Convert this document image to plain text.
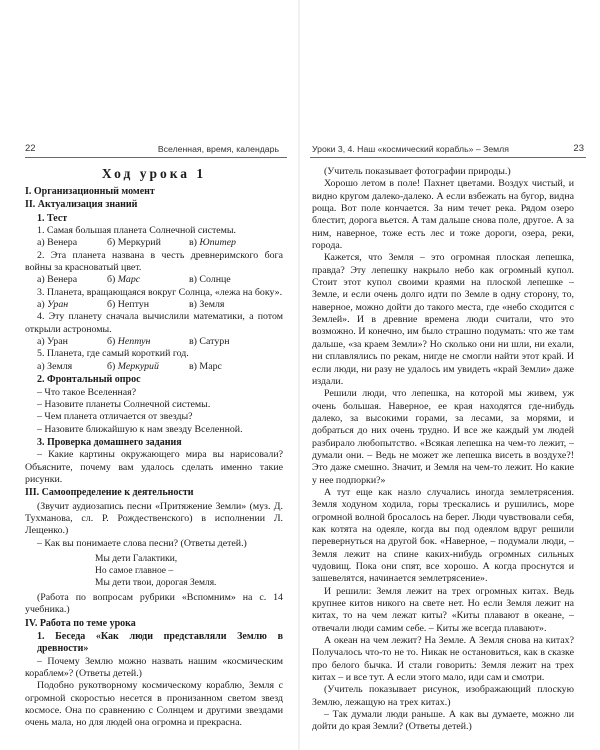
22	Вселенная, время, календарь
Ход урока 1
I. Организационный момент
II. Актуализация знаний
1. Тест

1. Самая большая планета Солнечной системы.

а) Венера	б) Меркурий	в) Юпитер

2. Эта планета названа в честь древнеримского бога войны за красноватый цвет.

а) Венера	б) Марс	в) Солнце

3. Планета, вращающаяся вокруг Солнца, «лежа на боку».

а) Уран	б) Нептун	в) Земля

4. Эту планету сначала вычислили математики, а потом открыли астрономы.

а) Уран	б) Нептун	в) Сатурн

5. Планета, где самый короткий год.

а) Земля	б) Меркурий	в) Марс
2. Фронтальный опрос

– Что такое Вселенная?

– Назовите планеты Солнечной системы.

– Чем планета отличается от звезды?

– Назовите ближайшую к нам звезду Вселенной.

3. Проверка домашнего задания

– Какие картины окружающего мира вы нарисовали? Объясните, почему вам удалось сделать именно такие рисунки.

III. Самоопределение к деятельности

(Звучит аудиозапись песни «Притяжение Земли» (муз. Д. Тухманова, сл. Р. Рождественского) в исполнении Л. Лещенко.)

– Как вы понимаете слова песни? (Ответы детей.)

Мы дети Галактики,
Но самое главное –
Мы дети твои, дорогая Земля.

(Работа по вопросам рубрики «Вспомним» на с. 14 учебника.)

IV. Работа по теме урока
1. Беседа «Как люди представляли Землю в древности»

– Почему Землю можно назвать нашим «космическим кораблем»? (Ответы детей.)

Подобно рукотворному космическому кораблю, Земля с огромной скоростью несется в пронизанном светом звезд космосе. Она по сравнению с Солнцем и другими звездами очень мала, но для людей она огромна и прекрасна.

Уроки 3, 4. Наш «космический корабль» – Земля	23

(Учитель показывает фотографии природы.)

Хорошо летом в поле! Пахнет цветами. Воздух чистый, и видно кругом далеко-далеко. А если взбежать на бугор, видна роща. Вот поле кончается. За ним течет река. Рядом озеро блестит, дорога вьется. А там дальше снова поле, другое. А за ним, наверное, тоже есть лес и тоже дороги, озера, реки, города.

Кажется, что Земля – это огромная плоская лепешка, правда? Эту лепешку накрыло небо как огромный купол. Стоит этот купол своими краями на плоской лепешке – Земле, и если очень долго идти по Земле в одну сторону, то, наверное, можно дойти до такого места, где «небо сходится с Землей». И в древние времена люди считали, что это возможно. И конечно, им было страшно подумать: что же там дальше, «за краем Земли»? Но сколько они ни шли, ни ехали, ни сплавлялись по рекам, нигде не смогли найти этот край. И если люди, ни разу не удалось им увидеть «край Земли» даже издали.

Решили люди, что лепешка, на которой мы живем, уж очень большая. Наверное, ее края находятся где-нибудь далеко, за высокими горами, за лесами, за морями, и добраться до них очень трудно. И все же каждый ум людей разбирало любопытство. «Всякая лепешка на чем-то лежит, – думали они. – Ведь не может же лепешка висеть в воздухе?! Это даже смешно. Значит, и Земля на чем-то лежит. Но какие у нее подпорки?»

А тут еще как назло случались иногда землетрясения. Земля ходуном ходила, горы трескались и рушились, море огромной волной бросалось на берег. Люди чувствовали себя, как котята на одеяле, когда вы под одеялом вдруг решили перевернуться на другой бок. «Наверное, – подумали люди, – Земля лежит на спине каких-нибудь огромных сильных чудовищ. Пока они спят, все хорошо. А когда проснутся и зашевелятся, начинается землетрясение».

И решили: Земля лежит на трех огромных китах. Ведь крупнее китов никого на свете нет. Но если Земля лежит на китах, то на чем лежат киты? «Киты плавают в океане, – отвечали люди самим себе. – Киты же всегда плавают».

А океан на чем лежит? На Земле. А Земля снова на китах? Получалось что-то не то. Никак не остановиться, как в сказке про белого бычка. И стали говорить: Земля лежит на трех китах – и все тут. А если этого мало, иди сам и смотри.

(Учитель показывает рисунок, изображающий плоскую Землю, лежащую на трех китах.)

– Так думали люди раньше. А как вы думаете, можно ли дойти до края Земли? (Ответы детей.)
